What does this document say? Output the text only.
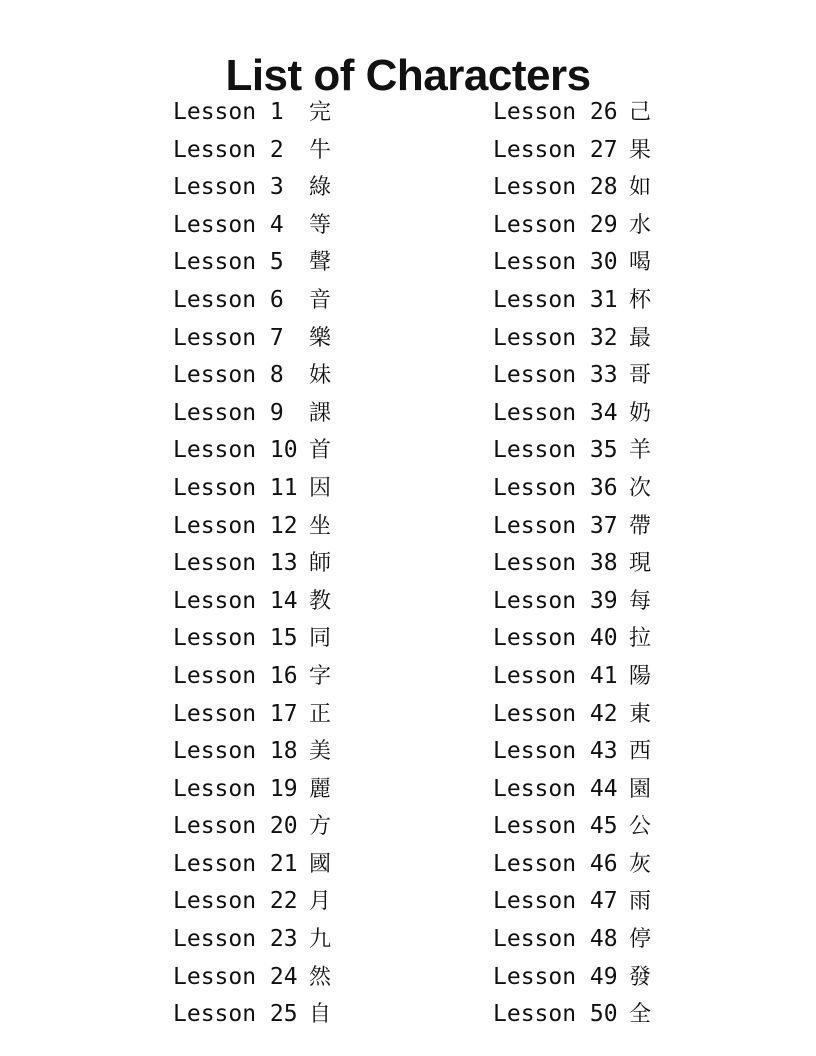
List of Characters
Lesson 1	完
Lesson 2	牛
Lesson 3	綠
Lesson 4	等
Lesson 5	聲
Lesson 6	音
Lesson 7	樂
Lesson 8	妹
Lesson 9	課
Lesson 10 首
Lesson 11 因
Lesson 12 坐
Lesson 13 師
Lesson 14 教
Lesson 15 同
Lesson 16 字
Lesson 17 正
Lesson 18 美
Lesson 19 麗
Lesson 20 方
Lesson 21 國
Lesson 22 月
Lesson 23 九
Lesson 24 然
Lesson 25 自
Lesson 26 己
Lesson 27 果
Lesson 28 如
Lesson 29 水
Lesson 30 喝
Lesson 31 杯
Lesson 32 最
Lesson 33 哥
Lesson 34 奶
Lesson 35 羊
Lesson 36 次
Lesson 37 帶
Lesson 38 現
Lesson 39 每
Lesson 40 拉
Lesson 41 陽
Lesson 42 東
Lesson 43 西
Lesson 44 園
Lesson 45 公
Lesson 46 灰
Lesson 47 雨
Lesson 48 停
Lesson 49 發
Lesson 50 全
